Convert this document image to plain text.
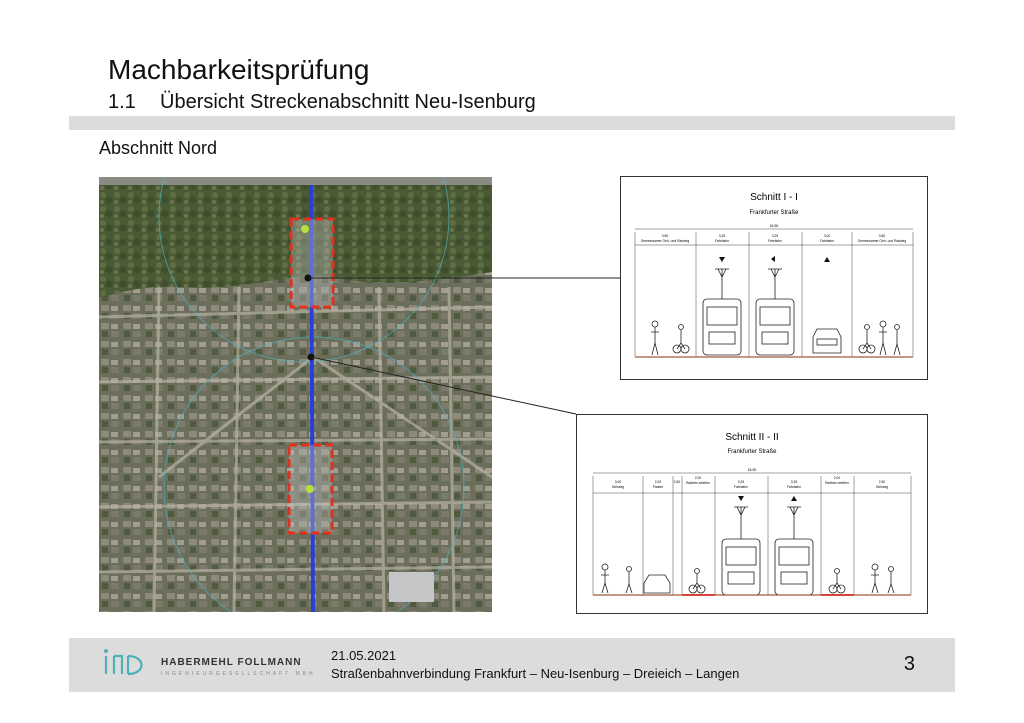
Machbarkeitsprüfung
1.1 Übersicht Streckenabschnitt Neu-Isenburg
Abschnitt Nord
Schnitt I - I
Frankfurter Straße
16,50
3,50
Gemeinsamer Geh- und Radweg
3,25
Fahrbahn
3,25
Fahrbahn
3,00
Fahrbahn
3,50
Gemeinsamer Geh- und Radweg
Schnitt II - II
Frankfurter Straße
18,50
3,00
Gehweg
2,00
Parken
0,50
2,00
Radfahr-streifen	3,25
Fahrbahn
3,25
Fahrbahn
2,00
Radfahr-streifen	2,50
Gehweg
HABERMEHL FOLLMANN
INGENIEURGESELLSCHAFT MBH
21.05.2021
Straßenbahnverbindung Frankfurt – Neu-Isenburg – Dreieich – Langen	3
